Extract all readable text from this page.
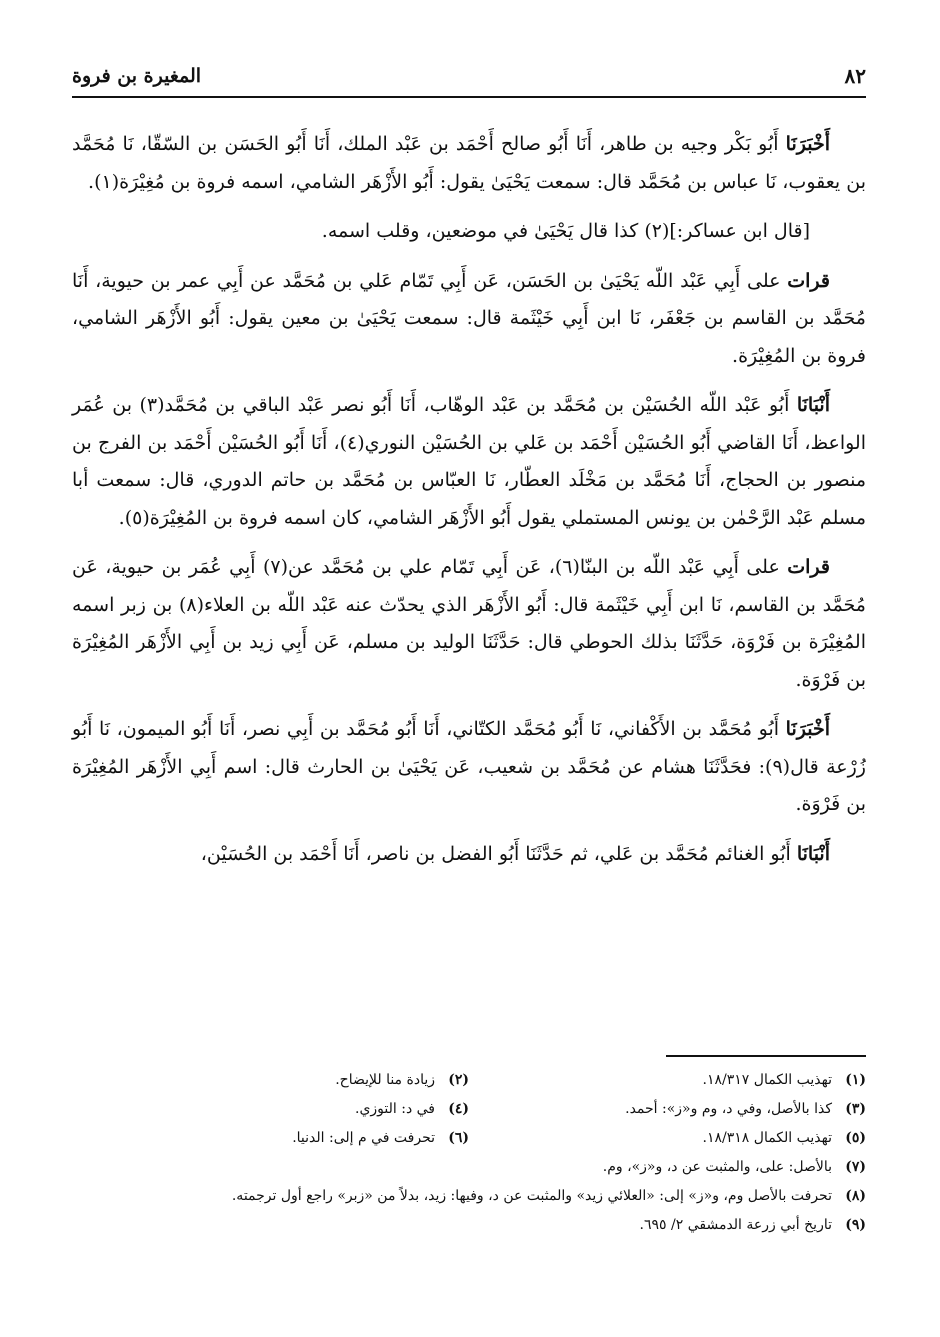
٨٢
المغيرة بن فروة

أَخْبَرَنَا أَبُو بَكْر وجيه بن طاهر، أَنَا أَبُو صالح أَحْمَد بن عَبْد الملك، أَنَا أَبُو الحَسَن بن السّقّا، نَا مُحَمَّد بن يعقوب، نَا عباس بن مُحَمَّد قال: سمعت يَحْيَىٰ يقول: أَبُو الأَزْهَر الشامي، اسمه فروة بن مُغِيْرَة(١).

[قال ابن عساكر:](٢) كذا قال يَحْيَىٰ في موضعين، وقلب اسمه.

قرات على أَبِي عَبْد اللّه يَحْيَىٰ بن الحَسَن، عَن أَبِي تَمّام عَلي بن مُحَمَّد عن أَبِي عمر بن حيوية، أَنَا مُحَمَّد بن القاسم بن جَعْفَر، نَا ابن أَبِي خَيْثَمة قال: سمعت يَحْيَىٰ بن معين يقول: أَبُو الأَزْهَر الشامي، فروة بن المُغِيْرَة.

أَنْبَانَا أَبُو عَبْد اللّه الحُسَيْن بن مُحَمَّد بن عَبْد الوهّاب، أَنَا أَبُو نصر عَبْد الباقي بن مُحَمَّد(٣) بن عُمَر الواعظ، أَنَا القاضي أَبُو الحُسَيْن أَحْمَد بن عَلي بن الحُسَيْن النوري(٤)، أَنَا أَبُو الحُسَيْن أَحْمَد بن الفرج بن منصور بن الحجاج، أَنَا مُحَمَّد بن مَخْلَد العطّار، نَا العبّاس بن مُحَمَّد بن حاتم الدوري، قال: سمعت أبا مسلم عَبْد الرَّحْمٰن بن يونس المستملي يقول أَبُو الأَزْهَر الشامي، كان اسمه فروة بن المُغِيْرَة(٥).

قرات على أَبِي عَبْد اللّه بن البنّا(٦)، عَن أَبِي تَمّام علي بن مُحَمَّد عن(٧) أَبِي عُمَر بن حيوية، عَن مُحَمَّد بن القاسم، نَا ابن أَبِي خَيْثَمة قال: أَبُو الأَزْهَر الذي يحدّث عنه عَبْد اللّه بن العلاء(٨) بن زبر اسمه المُغِيْرَة بن فَرْوَة، حَدَّثَنَا بذلك الحوطي قال: حَدَّثَنَا الوليد بن مسلم، عَن أَبِي زيد بن أَبِي الأَزْهَر المُغِيْرَة بن فَرْوَة.

أَخْبَرَنَا أَبُو مُحَمَّد بن الأَكْفاني، نَا أَبُو مُحَمَّد الكتّاني، أَنَا أَبُو مُحَمَّد بن أَبِي نصر، أَنَا أَبُو الميمون، نَا أَبُو زُرْعة قال(٩): فحَدَّثَنَا هشام عن مُحَمَّد بن شعيب، عَن يَحْيَىٰ بن الحارث قال: اسم أَبِي الأَزْهَر المُغِيْرَة بن فَرْوَة.

أَنْبَانَا أَبُو الغنائم مُحَمَّد بن عَلي، ثم حَدَّثَنَا أَبُو الفضل بن ناصر، أَنَا أَحْمَد بن الحُسَيْن،

(١)تهذيب الكمال ١٨/٣١٧.
(٢)زيادة منا للإيضاح.
(٣)كذا بالأصل، وفي د، وم و«ز»: أحمد.
(٤)في د: التوزي.
(٥)تهذيب الكمال ١٨/٣١٨.
(٦)تحرفت في م إلى: الدنيا.
(٧)بالأصل: على، والمثبت عن د، و«ز»، وم.
(٨)تحرفت بالأصل وم، و«ز» إلى: «العلائي زيد» والمثبت عن د، وفيها: زيد، بدلاً من «زبر» راجع أول ترجمته.
(٩)تاريخ أبي زرعة الدمشقي ٢/ ٦٩٥.
